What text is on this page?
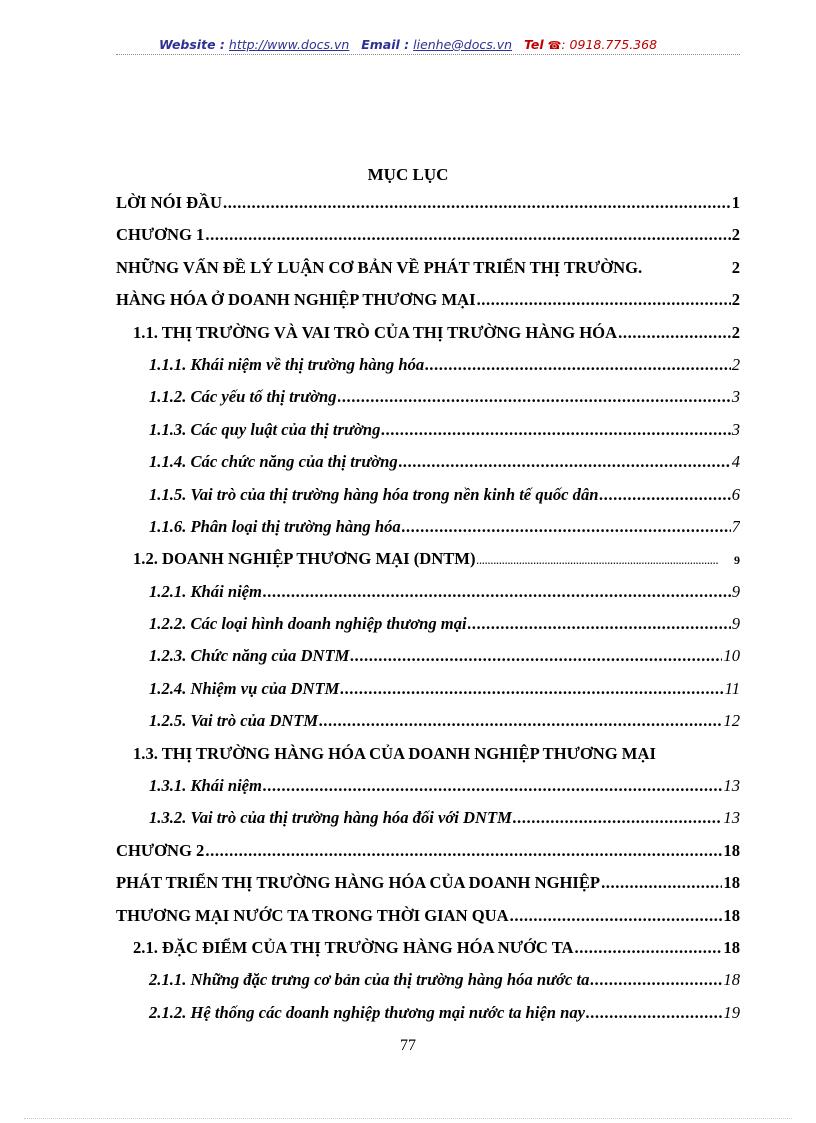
Website : http://www.docs.vn Email : lienhe@docs.vn Tel ☎: 0918.775.368
MỤC LỤC
LỜI NÓI ĐẦU .....	1
CHƯƠNG 1 .....	2
NHỮNG VẤN ĐỀ LÝ LUẬN CƠ BẢN VỀ PHÁT TRIỂN THỊ TRƯỜNG.	2
HÀNG HÓA Ở DOANH NGHIỆP THƯƠNG MẠI .....	2
1.1. THỊ TRƯỜNG VÀ VAI TRÒ CỦA THỊ TRƯỜNG HÀNG HÓA .....	2
1.1.1. Khái niệm về thị trường hàng hóa .....	2
1.1.2. Các yếu tố thị trường .....	3
1.1.3. Các quy luật của thị trường .....	3
1.1.4. Các chức năng của thị trường .....	4
1.1.5. Vai trò của thị trường hàng hóa trong nền kinh tế quốc dân .....	6
1.1.6. Phân loại thị trường hàng hóa .....	7
1.2. DOANH NGHIỆP THƯƠNG MẠI (DNTM) .....	9
1.2.1. Khái niệm .....	9
1.2.2. Các loại hình doanh nghiệp thương mại .....	9
1.2.3. Chức năng của DNTM .....	10
1.2.4. Nhiệm vụ của DNTM .....	11
1.2.5. Vai trò của DNTM .....	12
1.3. THỊ TRƯỜNG HÀNG HÓA CỦA DOANH NGHIỆP THƯƠNG MẠI
1.3.1. Khái niệm .....	13
1.3.2. Vai trò của thị trường hàng hóa đối với DNTM .....	13
CHƯƠNG 2 .....	18
PHÁT TRIỂN THỊ TRƯỜNG HÀNG HÓA CỦA DOANH NGHIỆP .....	18
THƯƠNG MẠI NƯỚC TA TRONG THỜI GIAN QUA .....	18
2.1. ĐẶC ĐIỂM CỦA THỊ TRƯỜNG HÀNG HÓA NƯỚC TA .....	18
2.1.1. Những đặc trưng cơ bản của thị trường hàng hóa nước ta .....	18
2.1.2. Hệ thống các doanh nghiệp thương mại nước ta hiện nay .....	19
77
